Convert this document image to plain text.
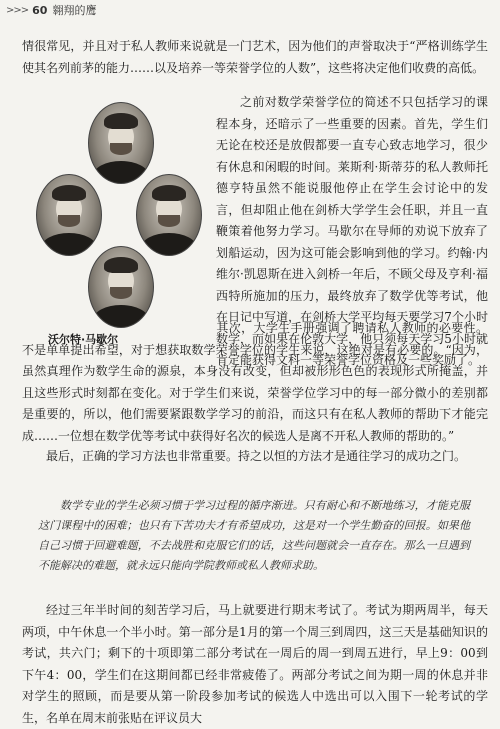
>>> 60 翱翔的鹰

情很常见，并且对于私人教师来说就是一门艺术，因为他们的声誉取决于“严格训练学生使其名列前茅的能力……以及培养一等荣誉学位的人数”，这些将决定他们收费的高低。

沃尔特·马歇尔

之前对数学荣誉学位的简述不只包括学习的课程本身，还暗示了一些重要的因素。首先，学生们无论在校还是放假都要一直专心致志地学习，很少有休息和闲暇的时间。莱斯利·斯蒂芬的私人教师托德亨特虽然不能说服他停止在学生会讨论中的发言，但却阻止他在剑桥大学学生会任职，并且一直鞭策着他努力学习。马歇尔在导师的劝说下放弃了划船运动，因为这可能会影响到他的学习。约翰·内维尔·凯恩斯在进入剑桥一年后，不顾父母及亨利·福西特所施加的压力，最终放弃了数学优等考试，他在日记中写道，在剑桥大学平均每天要学习7个小时数学，而如果在伦敦大学，他只须每天学习5小时就肯定能获得文科一等荣誉学位资格及一些奖励了。

其次，大学生手册强调了聘请私人教师的必要性。不是单单提出希望，对于想获取数学荣誉学位的学生来说，这绝对是有必要的。“因为，虽然真理作为数学生命的源泉，本身没有改变，但却被形形色色的表现形式所掩盖，并且这些形式时刻都在变化。对于学生们来说，荣誉学位学习中的每一部分微小的差别都是重要的，所以，他们需要紧跟数学学习的前沿，而这只有在私人教师的帮助下才能完成……一位想在数学优等考试中获得好名次的候选人是离不开私人教师的帮助的。”

最后，正确的学习方法也非常重要。持之以恒的方法才是通往学习的成功之门。

数学专业的学生必须习惯于学习过程的循序渐进。只有耐心和不断地练习，才能克服这门课程中的困难；也只有下苦功夫才有希望成功，这是对一个学生勤奋的回报。如果他自己习惯于回避难题，不去战胜和克服它们的话，这些问题就会一直存在。那么一旦遇到不能解决的难题，就永远只能向学院教师或私人教师求助。

经过三年半时间的刻苦学习后，马上就要进行期末考试了。考试为期两周半，每天两项，中午休息一个半小时。第一部分是1月的第一个周三到周四，这三天是基础知识的考试，共六门；剩下的十项即第二部分考试在一周后的周一到周五进行，早上9：00到下午4：00，学生们在这期间都已经非常疲倦了。两部分考试之间为期一周的休息并非对学生的照顾，而是要从第一阶段参加考试的候选人中选出可以入围下一轮考试的学生，名单在周末前张贴在评议员大
